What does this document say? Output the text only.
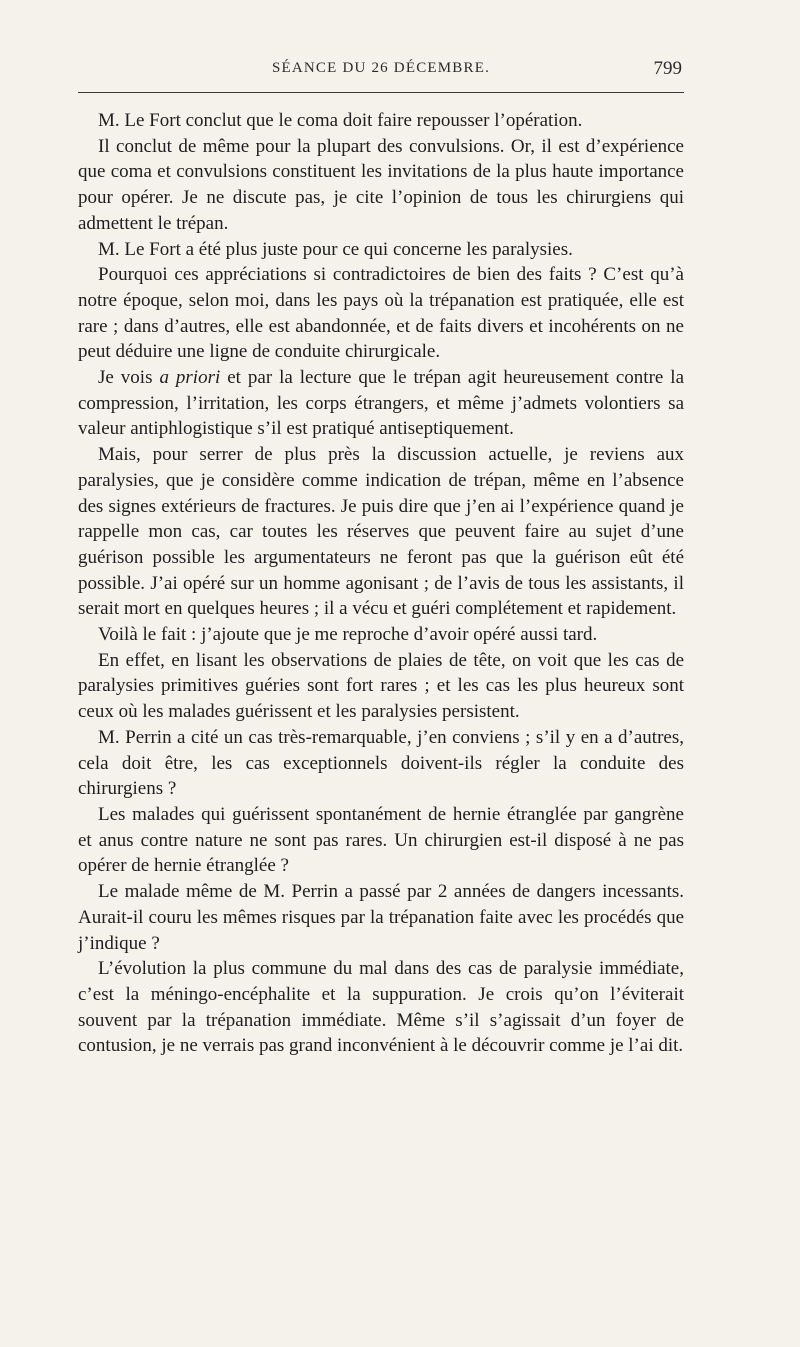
SÉANCE DU 26 DÉCEMBRE.	799

M. Le Fort conclut que le coma doit faire repousser l’opération.

Il conclut de même pour la plupart des convulsions. Or, il est d’expérience que coma et convulsions constituent les invitations de la plus haute importance pour opérer. Je ne discute pas, je cite l’opinion de tous les chirurgiens qui admettent le trépan.

M. Le Fort a été plus juste pour ce qui concerne les paralysies.

Pourquoi ces appréciations si contradictoires de bien des faits ? C’est qu’à notre époque, selon moi, dans les pays où la trépanation est pratiquée, elle est rare ; dans d’autres, elle est abandonnée, et de faits divers et incohérents on ne peut déduire une ligne de conduite chirurgicale.

Je vois a priori et par la lecture que le trépan agit heureusement contre la compression, l’irritation, les corps étrangers, et même j’admets volontiers sa valeur antiphlogistique s’il est pratiqué antiseptiquement.

Mais, pour serrer de plus près la discussion actuelle, je reviens aux paralysies, que je considère comme indication de trépan, même en l’absence des signes extérieurs de fractures. Je puis dire que j’en ai l’expérience quand je rappelle mon cas, car toutes les réserves que peuvent faire au sujet d’une guérison possible les argumentateurs ne feront pas que la guérison eût été possible. J’ai opéré sur un homme agonisant ; de l’avis de tous les assistants, il serait mort en quelques heures ; il a vécu et guéri complétement et rapidement.

Voilà le fait : j’ajoute que je me reproche d’avoir opéré aussi tard.

En effet, en lisant les observations de plaies de tête, on voit que les cas de paralysies primitives guéries sont fort rares ; et les cas les plus heureux sont ceux où les malades guérissent et les paralysies persistent.

M. Perrin a cité un cas très-remarquable, j’en conviens ; s’il y en a d’autres, cela doit être, les cas exceptionnels doivent-ils régler la conduite des chirurgiens ?

Les malades qui guérissent spontanément de hernie étranglée par gangrène et anus contre nature ne sont pas rares. Un chirurgien est-il disposé à ne pas opérer de hernie étranglée ?

Le malade même de M. Perrin a passé par 2 années de dangers incessants. Aurait-il couru les mêmes risques par la trépanation faite avec les procédés que j’indique ?

L’évolution la plus commune du mal dans des cas de paralysie immédiate, c’est la méningo-encéphalite et la suppuration. Je crois qu’on l’éviterait souvent par la trépanation immédiate. Même s’il s’agissait d’un foyer de contusion, je ne verrais pas grand inconvénient à le découvrir comme je l’ai dit.
